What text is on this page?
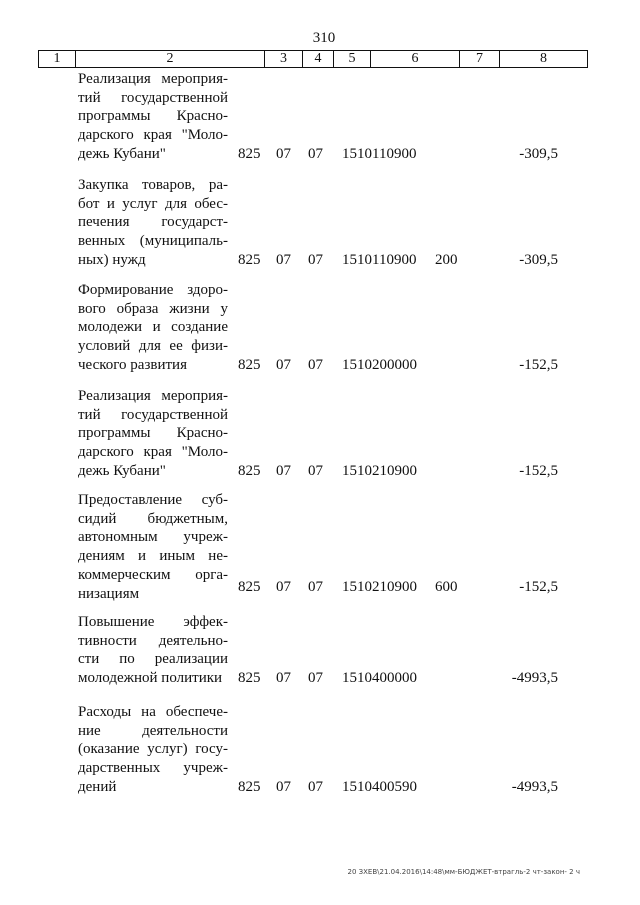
310
1	2	3	4	5	6	7	8
Реализация мероприя-
тий государственной
программы Красно-
дарского края "Моло-
дежь Кубани"	825 07 07 1510110900	-309,5
Закупка товаров, ра-
бот и услуг для обес-
печения государст-
венных (муниципаль-
ных) нужд	825 07 07 1510110900 200	-309,5
Формирование здоро-
вого образа жизни у
молодежи и создание
условий для ее физи-
ческого развития	825 07 07 1510200000	-152,5
Реализация мероприя-
тий государственной
программы Красно-
дарского края "Моло-
дежь Кубани"	825 07 07 1510210900	-152,5
Предоставление суб-
сидий бюджетным,
автономным учреж-
дениям и иным не-
коммерческим орга-
низациям	825 07 07 1510210900 600	-152,5
Повышение эффек-
тивности деятельно-
сти по реализации
молодежной политики	825 07 07 1510400000	-4993,5
Расходы на обеспече-
ние деятельности
(оказание услуг) госу-
дарственных учреж-
дений	825 07 07 1510400590	-4993,5
20 ЗХЕВ\21.04.2016\14:48\мм-БЮДЖЕТ-втрагль-2 чт-закон- 2 ч
